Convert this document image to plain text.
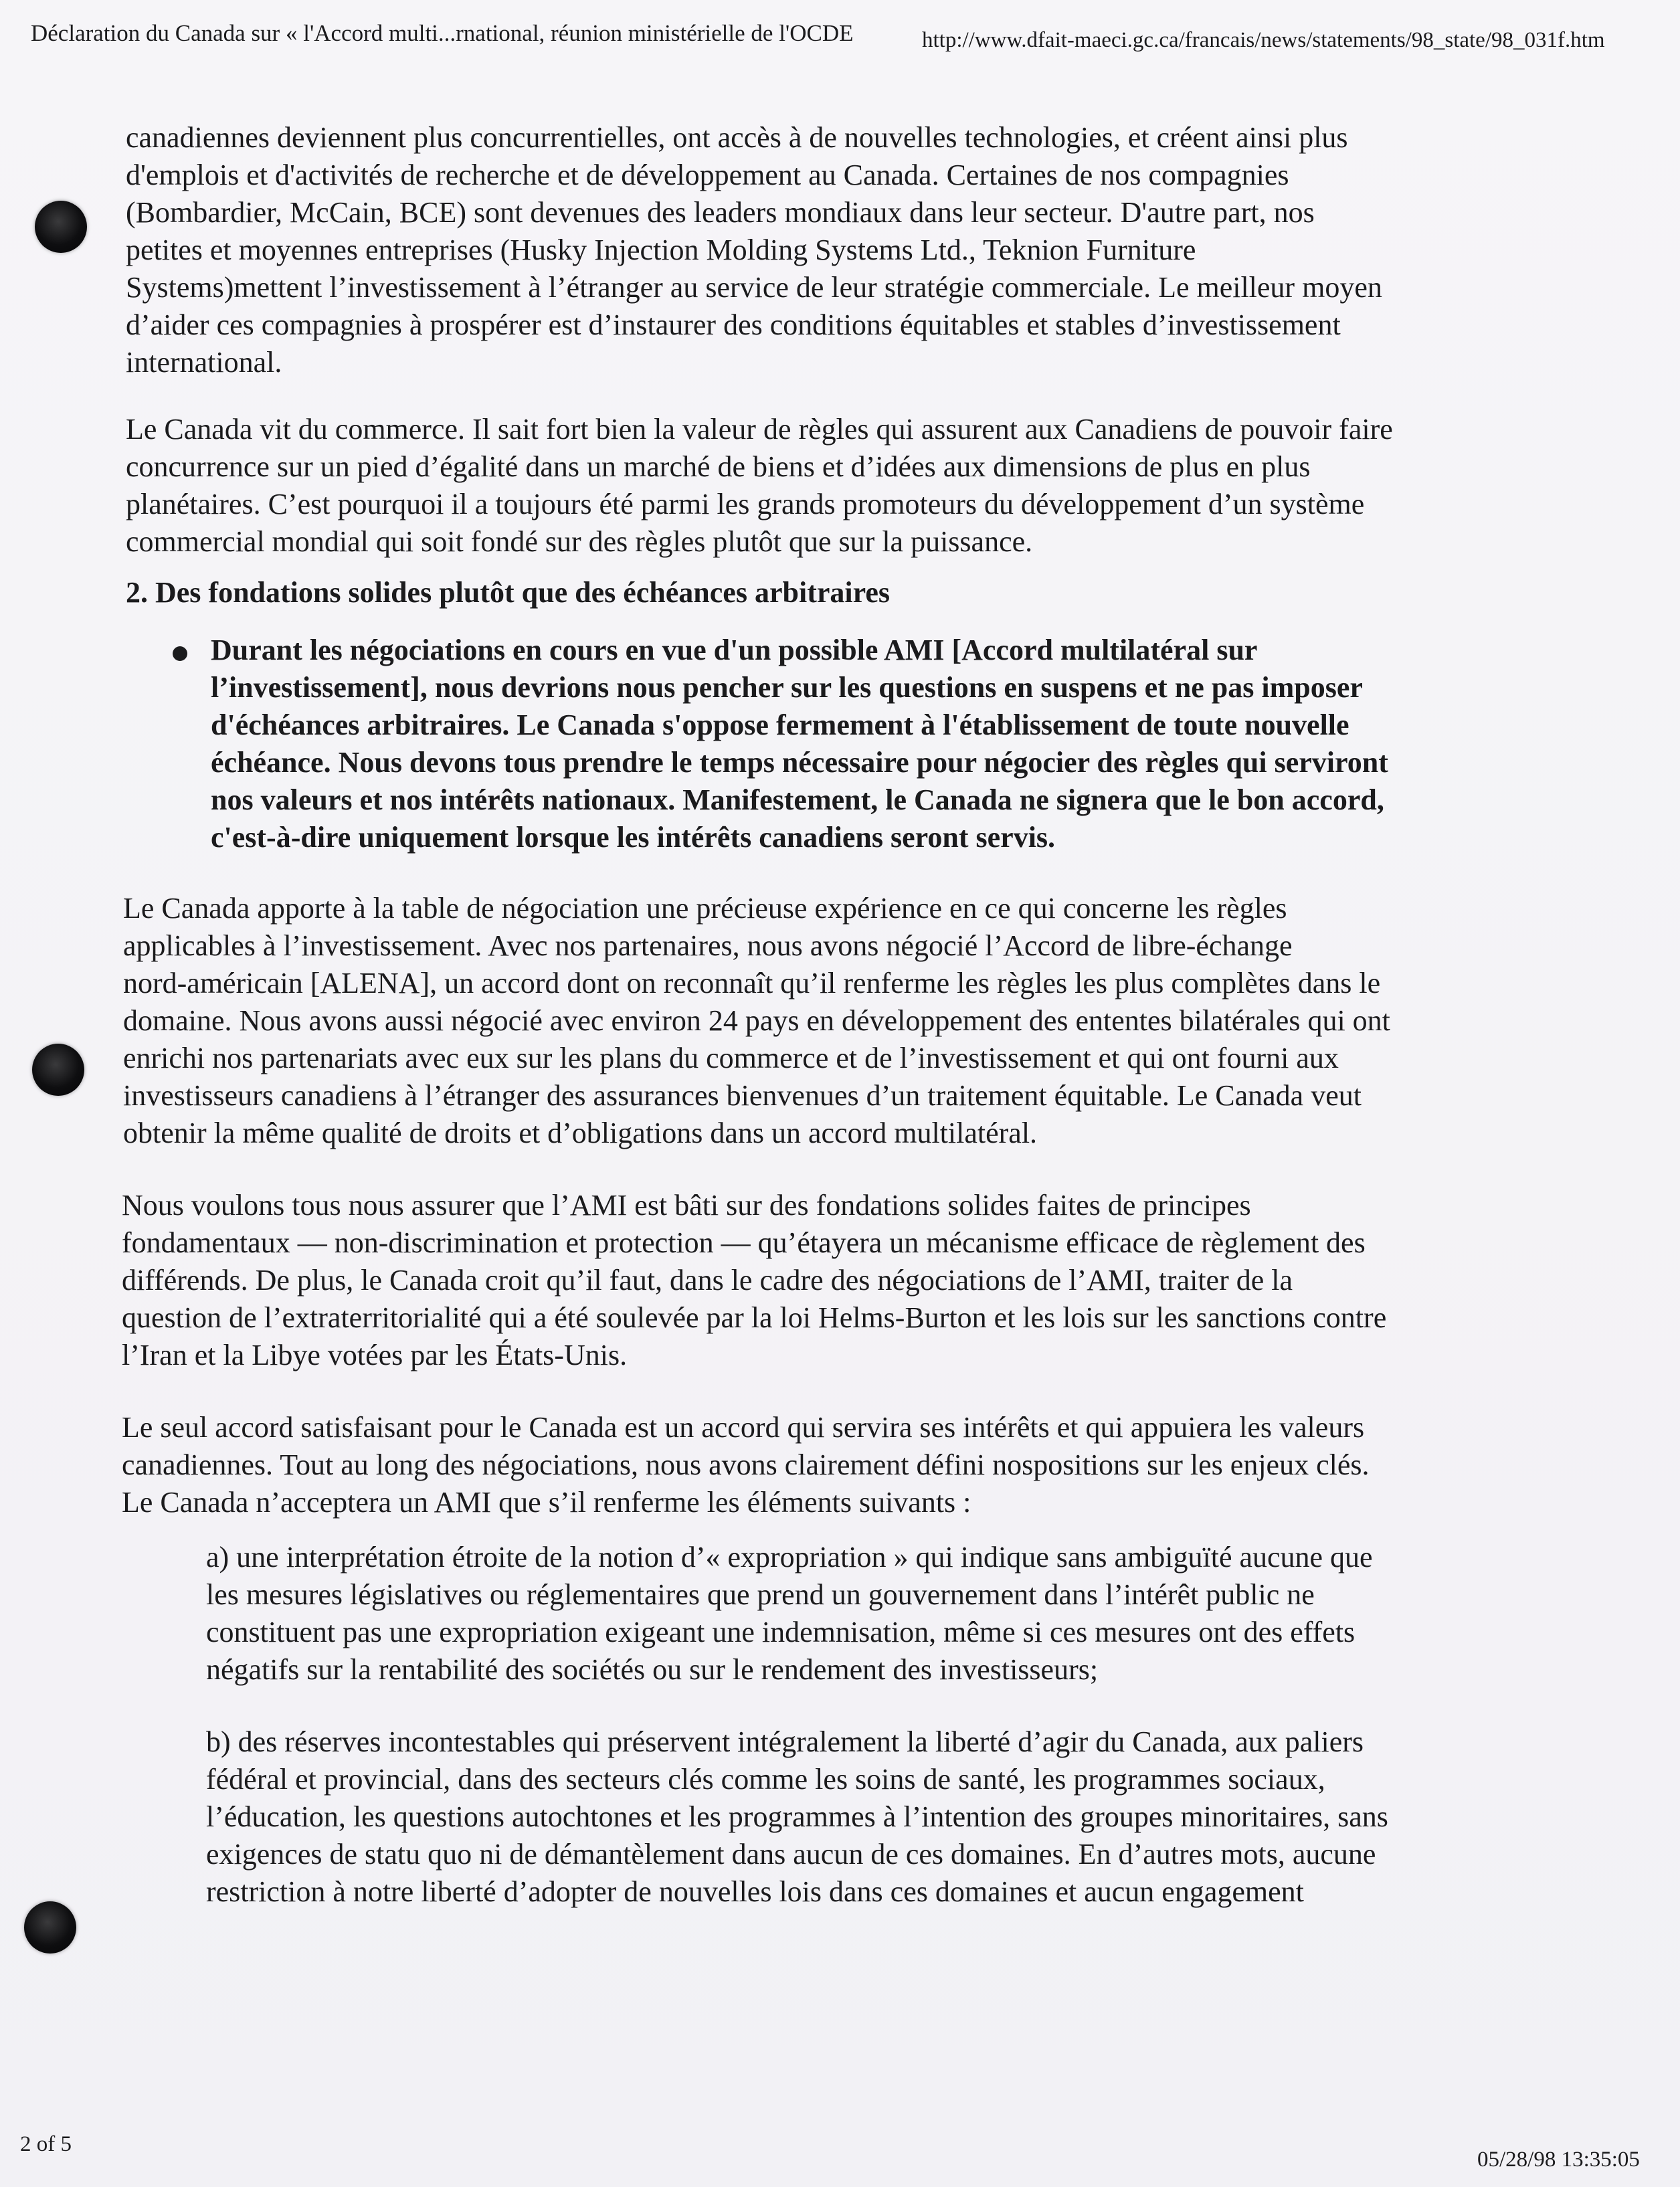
Déclaration du Canada sur « l'Accord multi...rnational, réunion ministérielle de l'OCDE	http://www.dfait-maeci.gc.ca/francais/news/statements/98_state/98_031f.htm
canadiennes deviennent plus concurrentielles, ont accès à de nouvelles technologies, et créent ainsi plus
d'emplois et d'activités de recherche et de développement au Canada. Certaines de nos compagnies
(Bombardier, McCain, BCE) sont devenues des leaders mondiaux dans leur secteur. D'autre part, nos
petites et moyennes entreprises (Husky Injection Molding Systems Ltd., Teknion Furniture
Systems)mettent l’investissement à l’étranger au service de leur stratégie commerciale. Le meilleur moyen
d’aider ces compagnies à prospérer est d’instaurer des conditions équitables et stables d’investissement
international.
Le Canada vit du commerce. Il sait fort bien la valeur de règles qui assurent aux Canadiens de pouvoir faire
concurrence sur un pied d’égalité dans un marché de biens et d’idées aux dimensions de plus en plus
planétaires. C’est pourquoi il a toujours été parmi les grands promoteurs du développement d’un système
commercial mondial qui soit fondé sur des règles plutôt que sur la puissance.
2. Des fondations solides plutôt que des échéances arbitraires
Durant les négociations en cours en vue d'un possible AMI [Accord multilatéral sur
l’investissement], nous devrions nous pencher sur les questions en suspens et ne pas imposer
d'échéances arbitraires. Le Canada s'oppose fermement à l'établissement de toute nouvelle
échéance. Nous devons tous prendre le temps nécessaire pour négocier des règles qui serviront
nos valeurs et nos intérêts nationaux. Manifestement, le Canada ne signera que le bon accord,
c'est-à-dire uniquement lorsque les intérêts canadiens seront servis.
Le Canada apporte à la table de négociation une précieuse expérience en ce qui concerne les règles
applicables à l’investissement. Avec nos partenaires, nous avons négocié l’Accord de libre-échange
nord-américain [ALENA], un accord dont on reconnaît qu’il renferme les règles les plus complètes dans le
domaine. Nous avons aussi négocié avec environ 24 pays en développement des ententes bilatérales qui ont
enrichi nos partenariats avec eux sur les plans du commerce et de l’investissement et qui ont fourni aux
investisseurs canadiens à l’étranger des assurances bienvenues d’un traitement équitable. Le Canada veut
obtenir la même qualité de droits et d’obligations dans un accord multilatéral.
Nous voulons tous nous assurer que l’AMI est bâti sur des fondations solides faites de principes
fondamentaux — non-discrimination et protection — qu’étayera un mécanisme efficace de règlement des
différends. De plus, le Canada croit qu’il faut, dans le cadre des négociations de l’AMI, traiter de la
question de l’extraterritorialité qui a été soulevée par la loi Helms-Burton et les lois sur les sanctions contre
l’Iran et la Libye votées par les États-Unis.
Le seul accord satisfaisant pour le Canada est un accord qui servira ses intérêts et qui appuiera les valeurs
canadiennes. Tout au long des négociations, nous avons clairement défini nospositions sur les enjeux clés.
Le Canada n’acceptera un AMI que s’il renferme les éléments suivants :
a) une interprétation étroite de la notion d’« expropriation » qui indique sans ambiguïté aucune que
les mesures législatives ou réglementaires que prend un gouvernement dans l’intérêt public ne
constituent pas une expropriation exigeant une indemnisation, même si ces mesures ont des effets
négatifs sur la rentabilité des sociétés ou sur le rendement des investisseurs;
b) des réserves incontestables qui préservent intégralement la liberté d’agir du Canada, aux paliers
fédéral et provincial, dans des secteurs clés comme les soins de santé, les programmes sociaux,
l’éducation, les questions autochtones et les programmes à l’intention des groupes minoritaires, sans
exigences de statu quo ni de démantèlement dans aucun de ces domaines. En d’autres mots, aucune
restriction à notre liberté d’adopter de nouvelles lois dans ces domaines et aucun engagement
2 of 5
05/28/98 13:35:05
